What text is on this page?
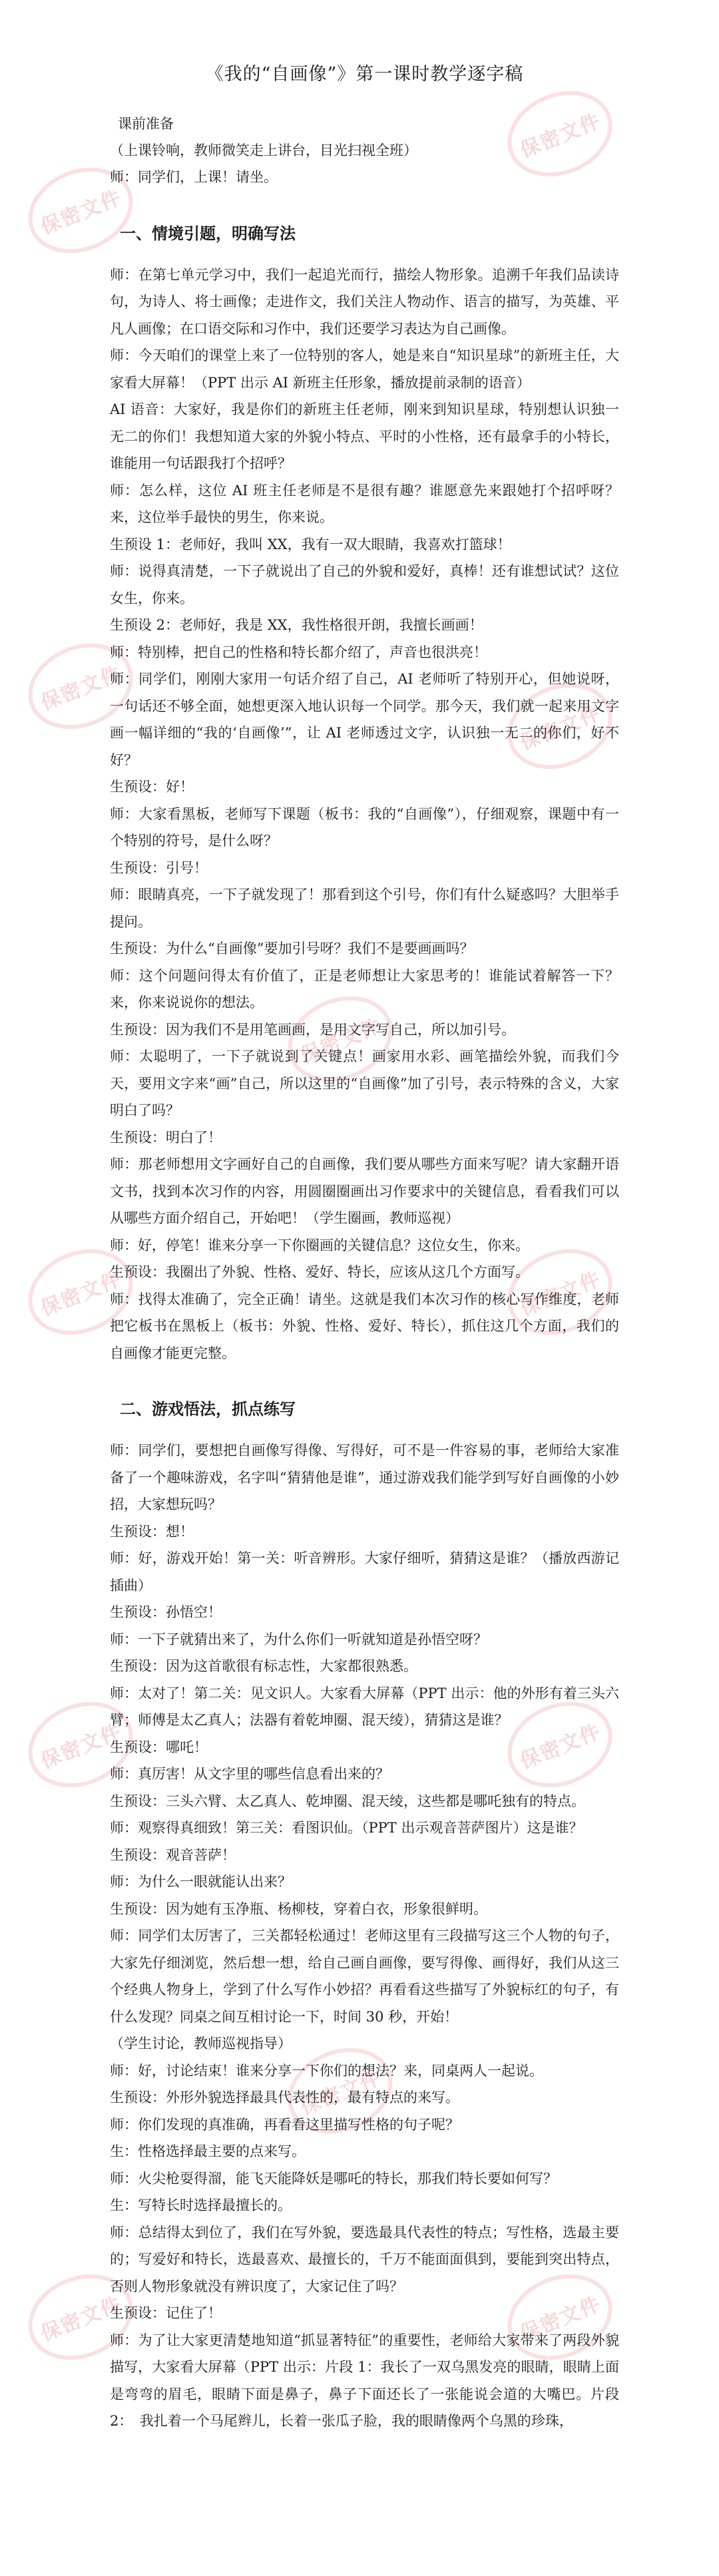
保密文件
保密文件
保密文件
保密文件
保密文件
保密文件	保密文件
保密文件	保密文件
保密文件
保密文件	保密文件
《我的“自画像”》第一课时教学逐字稿

课前准备

（上课铃响，教师微笑走上讲台，目光扫视全班）

师：同学们，上课！请坐。

一、情境引题，明确写法

师：在第七单元学习中，我们一起追光而行，描绘人物形象。追溯千年我们品读诗句，为诗人、将士画像；走进作文，我们关注人物动作、语言的描写，为英雄、平凡人画像；在口语交际和习作中，我们还要学习表达为自己画像。

师：今天咱们的课堂上来了一位特别的客人，她是来自“知识星球”的新班主任，大家看大屏幕！（PPT 出示 AI 新班主任形象，播放提前录制的语音）

AI 语音：大家好，我是你们的新班主任老师，刚来到知识星球，特别想认识独一无二的你们！我想知道大家的外貌小特点、平时的小性格，还有最拿手的小特长，谁能用一句话跟我打个招呼？

师：怎么样，这位 AI 班主任老师是不是很有趣？谁愿意先来跟她打个招呼呀？来，这位举手最快的男生，你来说。

生预设 1：老师好，我叫 XX，我有一双大眼睛，我喜欢打篮球！

师：说得真清楚，一下子就说出了自己的外貌和爱好，真棒！还有谁想试试？这位女生，你来。

生预设 2：老师好，我是 XX，我性格很开朗，我擅长画画！

师：特别棒，把自己的性格和特长都介绍了，声音也很洪亮！

师：同学们，刚刚大家用一句话介绍了自己，AI 老师听了特别开心，但她说呀，一句话还不够全面，她想更深入地认识每一个同学。那今天，我们就一起来用文字画一幅详细的“我的‘自画像’”，让 AI 老师透过文字，认识独一无二的你们，好不好？

生预设：好！

师：大家看黑板，老师写下课题（板书：我的“自画像”），仔细观察，课题中有一个特别的符号，是什么呀？

生预设：引号！

师：眼睛真亮，一下子就发现了！那看到这个引号，你们有什么疑惑吗？大胆举手提问。

生预设：为什么“自画像”要加引号呀？我们不是要画画吗？

师：这个问题问得太有价值了，正是老师想让大家思考的！谁能试着解答一下？来，你来说说你的想法。

生预设：因为我们不是用笔画画，是用文字写自己，所以加引号。

师：太聪明了，一下子就说到了关键点！画家用水彩、画笔描绘外貌，而我们今天，要用文字来“画”自己，所以这里的“自画像”加了引号，表示特殊的含义，大家明白了吗？

生预设：明白了！

师：那老师想用文字画好自己的自画像，我们要从哪些方面来写呢？请大家翻开语文书，找到本次习作的内容，用圆圈圈画出习作要求中的关键信息，看看我们可以从哪些方面介绍自己，开始吧！（学生圈画，教师巡视）

师：好，停笔！谁来分享一下你圈画的关键信息？这位女生，你来。

生预设：我圈出了外貌、性格、爱好、特长，应该从这几个方面写。

师：找得太准确了，完全正确！请坐。这就是我们本次习作的核心写作维度，老师把它板书在黑板上（板书：外貌、性格、爱好、特长），抓住这几个方面，我们的自画像才能更完整。

二、游戏悟法，抓点练写

师：同学们，要想把自画像写得像、写得好，可不是一件容易的事，老师给大家准备了一个趣味游戏，名字叫“猜猜他是谁”，通过游戏我们能学到写好自画像的小妙招，大家想玩吗？

生预设：想！

师：好，游戏开始！第一关：听音辨形。大家仔细听，猜猜这是谁？（播放西游记插曲）

生预设：孙悟空！

师：一下子就猜出来了，为什么你们一听就知道是孙悟空呀？

生预设：因为这首歌很有标志性，大家都很熟悉。

师：太对了！第二关：见文识人。大家看大屏幕（PPT 出示：他的外形有着三头六臂；师傅是太乙真人；法器有着乾坤圈、混天绫），猜猜这是谁？

生预设：哪吒！

师：真厉害！从文字里的哪些信息看出来的？

生预设：三头六臂、太乙真人、乾坤圈、混天绫，这些都是哪吒独有的特点。

师：观察得真细致！第三关：看图识仙。（PPT 出示观音菩萨图片）这是谁？

生预设：观音菩萨！

师：为什么一眼就能认出来？

生预设：因为她有玉净瓶、杨柳枝，穿着白衣，形象很鲜明。

师：同学们太厉害了，三关都轻松通过！老师这里有三段描写这三个人物的句子，大家先仔细浏览，然后想一想，给自己画自画像，要写得像、画得好，我们从这三个经典人物身上，学到了什么写作小妙招？再看看这些描写了外貌标红的句子，有什么发现？同桌之间互相讨论一下，时间 30 秒，开始！

（学生讨论，教师巡视指导）

师：好，讨论结束！谁来分享一下你们的想法？来，同桌两人一起说。

生预设：外形外貌选择最具代表性的，最有特点的来写。

师：你们发现的真准确，再看看这里描写性格的句子呢？

生：性格选择最主要的点来写。

师：火尖枪耍得溜，能飞天能降妖是哪吒的特长，那我们特长要如何写？

生：写特长时选择最擅长的。

师：总结得太到位了，我们在写外貌，要选最具代表性的特点；写性格，选最主要的；写爱好和特长，选最喜欢、最擅长的，千万不能面面俱到，要能到突出特点，否则人物形象就没有辨识度了，大家记住了吗？

生预设：记住了！

师：为了让大家更清楚地知道“抓显著特征”的重要性，老师给大家带来了两段外貌描写，大家看大屏幕（PPT 出示：片段 1：我长了一双乌黑发亮的眼睛，眼睛上面是弯弯的眉毛，眼睛下面是鼻子，鼻子下面还长了一张能说会道的大嘴巴。片段 2：　我扎着一个马尾辫儿，长着一张瓜子脸，我的眼睛像两个乌黑的珍珠，
